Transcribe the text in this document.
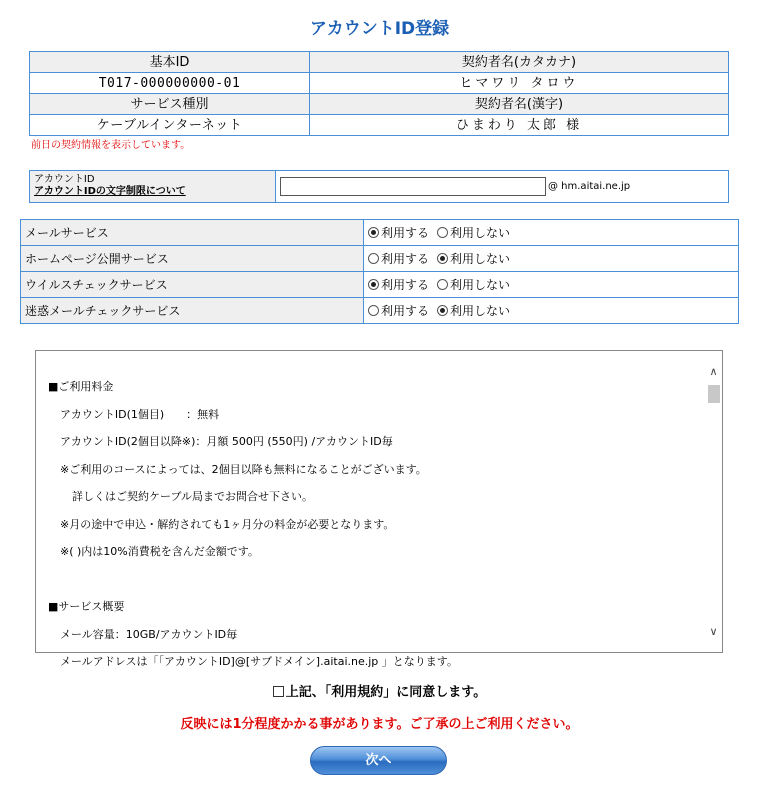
アカウントID登録
基本ID	契約者名(カタカナ)
T017-000000000-01	ヒマワリ タロウ
サービス種別	契約者名(漢字)
ケーブルインターネット	ひまわり 太郎 様
前日の契約情報を表示しています。
アカウントID
アカウントIDの文字制限について	@ hm.aitai.ne.jp
メールサービス	利用する 利用しない

ホームページ公開サービス	利用する 利用しない

ウイルスチェックサービス	利用する 利用しない

迷惑メールチェックサービス	利用する 利用しない
■ご利用料金
アカウントID(1個目)　　：無料
アカウントID(2個目以降※)：月額 500円 (550円) /アカウントID毎
※ご利用のコースによっては、2個目以降も無料になることがございます。
詳しくはご契約ケーブル局までお問合せ下さい。
※月の途中で申込・解約されても1ヶ月分の料金が必要となります。
※( )内は10%消費税を含んだ金額です。
■サービス概要
メール容量：10GB/アカウントID毎
メールアドレスは「「アカウントID]@[サブドメイン].aitai.ne.jp 」となります。
∧
∨
上記、「利用規約」に同意します。
反映には1分程度かかる事があります。ご了承の上ご利用ください。
次へ
